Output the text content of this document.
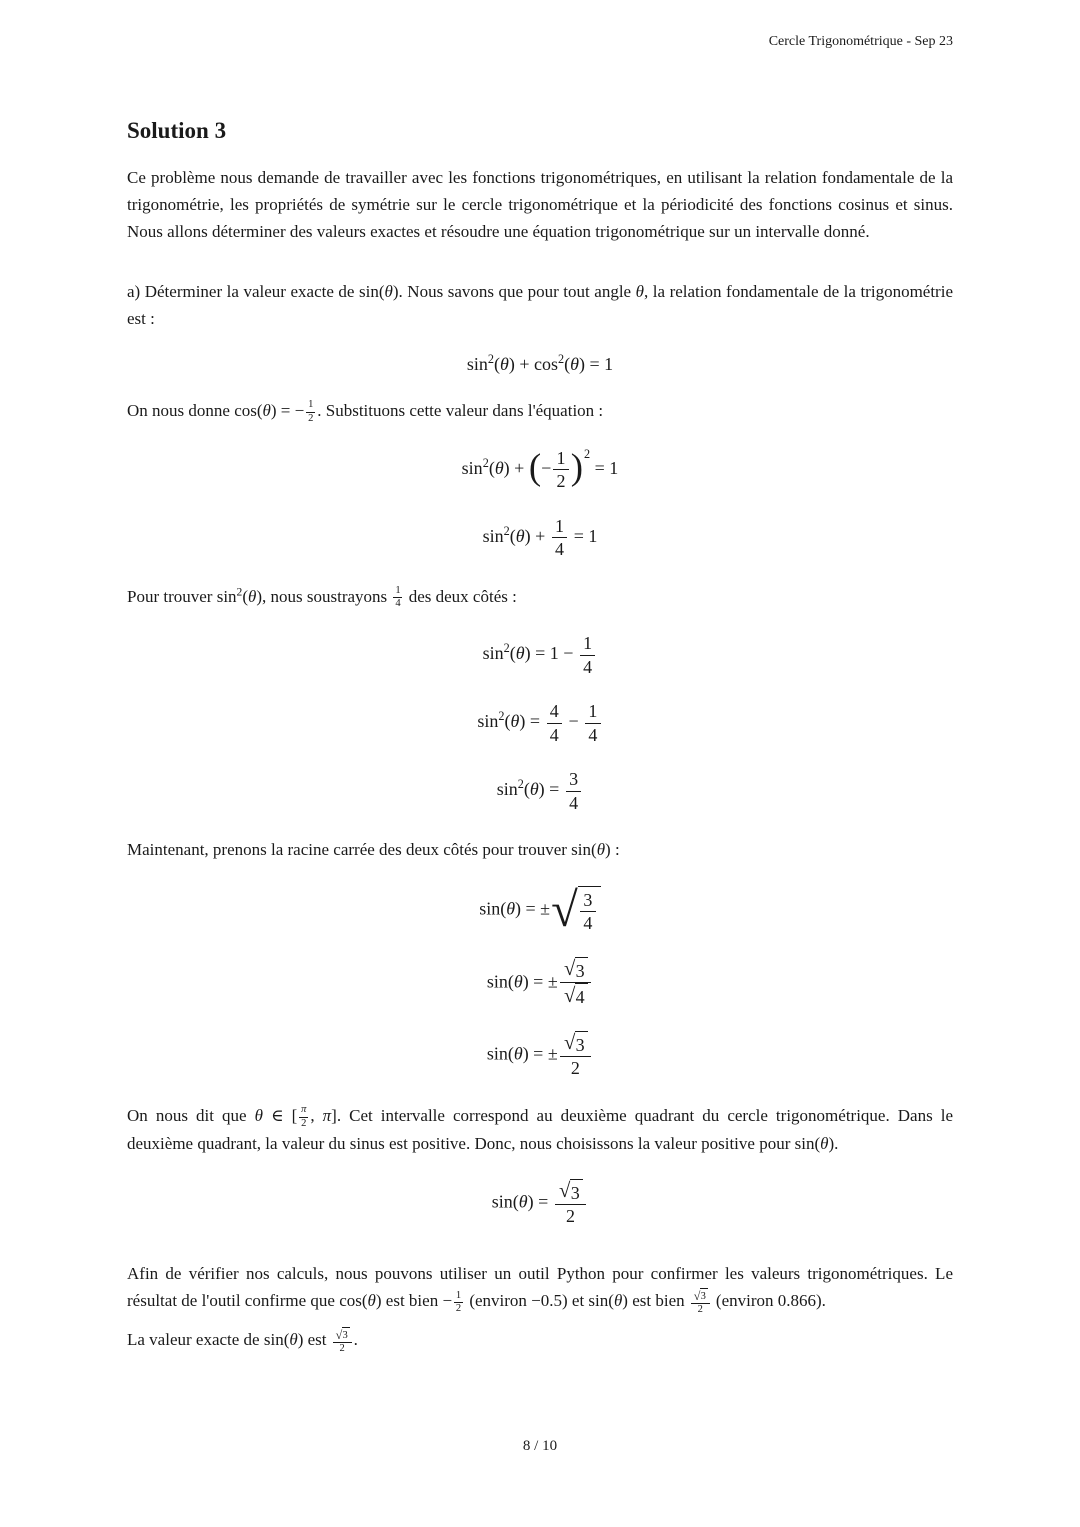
Cercle Trigonométrique - Sep 23
Solution 3

Ce problème nous demande de travailler avec les fonctions trigonométriques, en utilisant la relation fondamentale de la trigonométrie, les propriétés de symétrie sur le cercle trigonométrique et la périodicité des fonctions cosinus et sinus. Nous allons déterminer des valeurs exactes et résoudre une équation trigonométrique sur un intervalle donné.

a) Déterminer la valeur exacte de sin(θ). Nous savons que pour tout angle θ, la relation fondamentale de la trigonométrie est :

$\sin^2(\theta) + \cos^2(\theta) = 1$

On nous donne cos(θ) = − $\frac{1}{2}$ . Substituons cette valeur dans l'équation :

$\sin^2(\theta)$ + (− $\frac{1}{2} )^2 = 1$
$\sin^2(\theta) + \frac{1}{4} = 1$

Pour trouver $\sin^2(\theta)$, nous soustrayons $\frac{1}{4}$ des deux côtés :

$\sin^2(\theta) = 1 - \frac{1}{4}$
$\sin^2(\theta) = \frac{4}{4} - \frac{1}{4}$
$\sin^2(\theta) = \frac{3}{4}$

Maintenant, prenons la racine carrée des deux côtés pour trouver sin(θ) :

sin(θ) = ± √ $\frac{3}{4}$
sin(θ) = ± $\frac{√ 3}{√ 4}$
sin(θ) = ± $\frac{√ 3}{2}$

On nous dit que θ ∈ [ $\frac{\pi}{2}$ , π]. Cet intervalle correspond au deuxième quadrant du cercle trigonométrique. Dans le deuxième quadrant, la valeur du sinus est positive. Donc, nous choisissons la valeur positive pour sin(θ).

$\sin(\theta) = \frac{√ 3}{2}$

Afin de vérifier nos calculs, nous pouvons utiliser un outil Python pour confirmer les valeurs trigonométriques. Le résultat de l'outil confirme que cos(θ) est bien − $\frac{1}{2}$ (environ −0.5) et sin(θ) est bien $\frac{√ 3}{2}$ (environ 0.866).

La valeur exacte de sin(θ) est $\frac{√ 3}{2}$ .

8 / 10
